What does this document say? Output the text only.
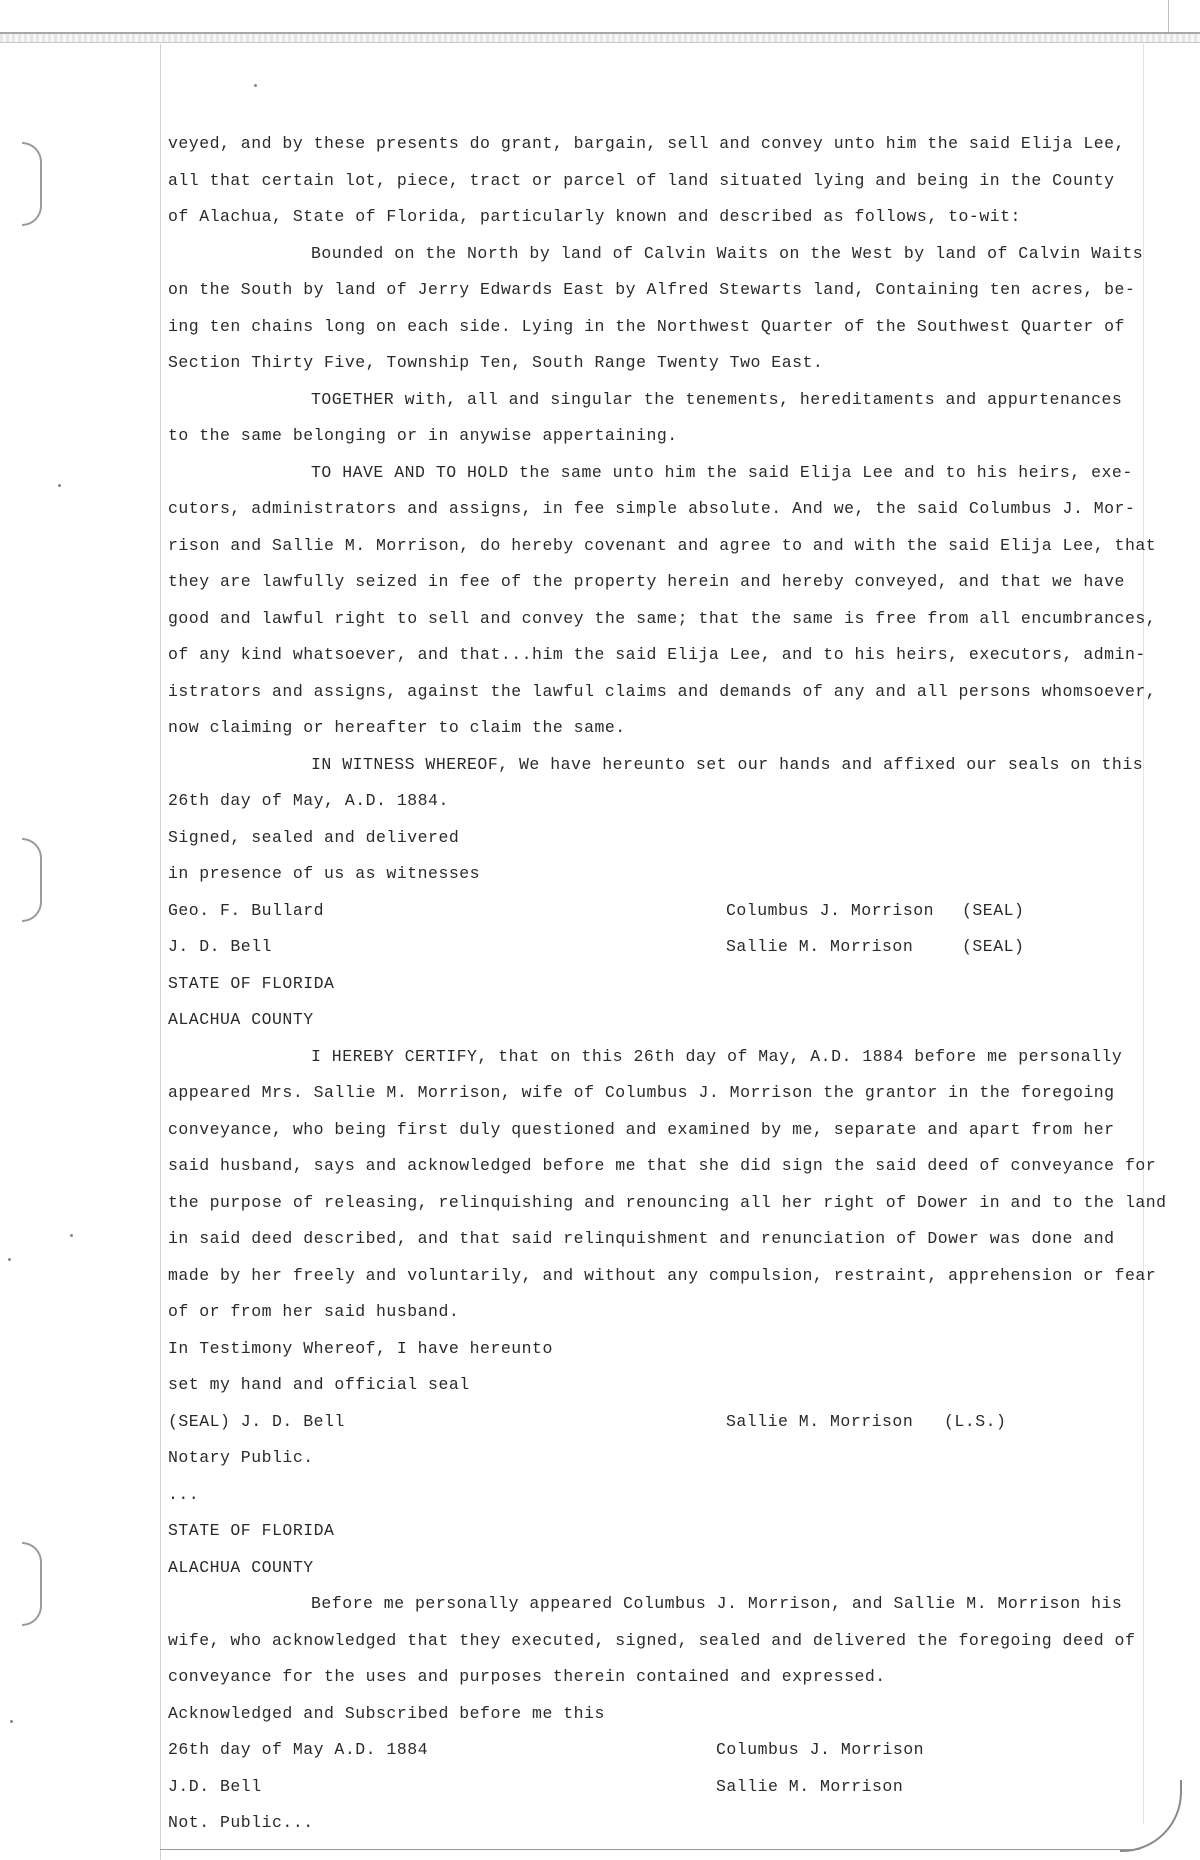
veyed, and by these presents do grant, bargain, sell and convey unto him the said Elija Lee,
all that certain lot, piece, tract or parcel of land situated lying and being in the County
of Alachua, State of Florida, particularly known and described as follows, to-wit:
Bounded on the North by land of Calvin Waits on the West by land of Calvin Waits
on the South by land of Jerry Edwards East by Alfred Stewarts land, Containing ten acres, be-
ing ten chains long on each side. Lying in the Northwest Quarter of the Southwest Quarter of
Section Thirty Five, Township Ten, South Range Twenty Two East.
TOGETHER with, all and singular the tenements, hereditaments and appurtenances
to the same belonging or in anywise appertaining.
TO HAVE AND TO HOLD the same unto him the said Elija Lee and to his heirs, exe-
cutors, administrators and assigns, in fee simple absolute. And we, the said Columbus J. Mor-
rison and Sallie M. Morrison, do hereby covenant and agree to and with the said Elija Lee, that
they are lawfully seized in fee of the property herein and hereby conveyed, and that we have
good and lawful right to sell and convey the same; that the same is free from all encumbrances,
of any kind whatsoever, and that...him the said Elija Lee, and to his heirs, executors, admin-
istrators and assigns, against the lawful claims and demands of any and all persons whomsoever,
now claiming or hereafter to claim the same.
IN WITNESS WHEREOF, We have hereunto set our hands and affixed our seals on this
26th day of May, A.D. 1884.
Signed, sealed and delivered
in presence of us as witnesses
Geo. F. Bullard	Columbus J. Morrison (SEAL)
J. D. Bell	Sallie M. Morrison	(SEAL)
STATE OF FLORIDA
ALACHUA COUNTY
I HEREBY CERTIFY, that on this 26th day of May, A.D. 1884 before me personally
appeared Mrs. Sallie M. Morrison, wife of Columbus J. Morrison the grantor in the foregoing
conveyance, who being first duly questioned and examined by me, separate and apart from her
said husband, says and acknowledged before me that she did sign the said deed of conveyance for
the purpose of releasing, relinquishing and renouncing all her right of Dower in and to the land
in said deed described, and that said relinquishment and renunciation of Dower was done and
made by her freely and voluntarily, and without any compulsion, restraint, apprehension or fear
of or from her said husband.
In Testimony Whereof, I have hereunto
set my hand and official seal
(SEAL) J. D. Bell	Sallie M. Morrison (L.S.)
Notary Public.
...
STATE OF FLORIDA
ALACHUA COUNTY
Before me personally appeared Columbus J. Morrison, and Sallie M. Morrison his
wife, who acknowledged that they executed, signed, sealed and delivered the foregoing deed of
conveyance for the uses and purposes therein contained and expressed.
Acknowledged and Subscribed before me this
26th day of May A.D. 1884	Columbus J. Morrison
J.D. Bell	Sallie M. Morrison
Not. Public...
